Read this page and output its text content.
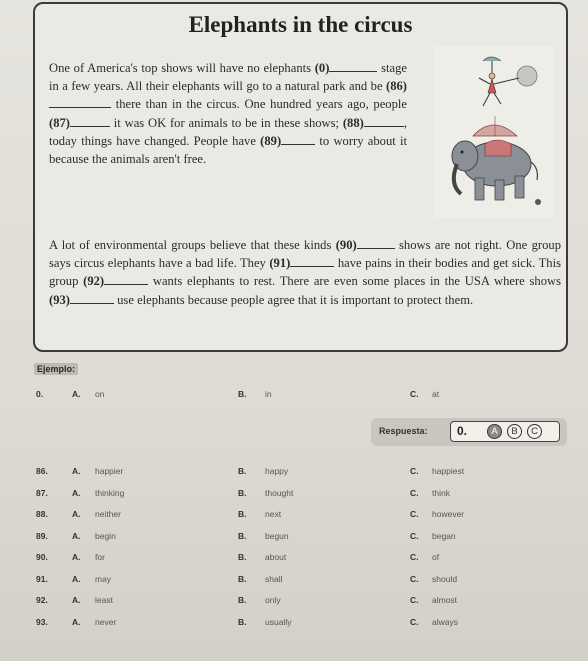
Elephants in the circus
One of America's top shows will have no elephants (0)	stage in a few years. All their elephants will go to a natural park and be (86) there than in the circus. One hundred years ago, people (87)	it was OK for animals to be in these shows; (88)	, today things have changed. People have (89)	to worry about it because the animals aren't free.
A lot of environmental groups believe that these kinds (90)	shows are not right. One group says circus elephants have a bad life. They (91)	have pains in their bodies and get sick. This group (92)	wants elephants to rest. There are even some places in the USA where shows (93)	use elephants because people agree that it is important to protect them.
Ejemplo:
0.	A. on	B. in	C. at
Respuesta: 0.	A	B	C
86.	A. happier	B. happy	C. happiest
87.	A. thinking	B. thought	C. think
88.	A. neither	B. next	C. however
89.	A. begin	B. begun	C. began
90.	A. for	B. about	C. of
91.	A. may	B. shall	C. should
92.	A. least	B. only	C. almost
93.	A. never	B. usually	C. always
